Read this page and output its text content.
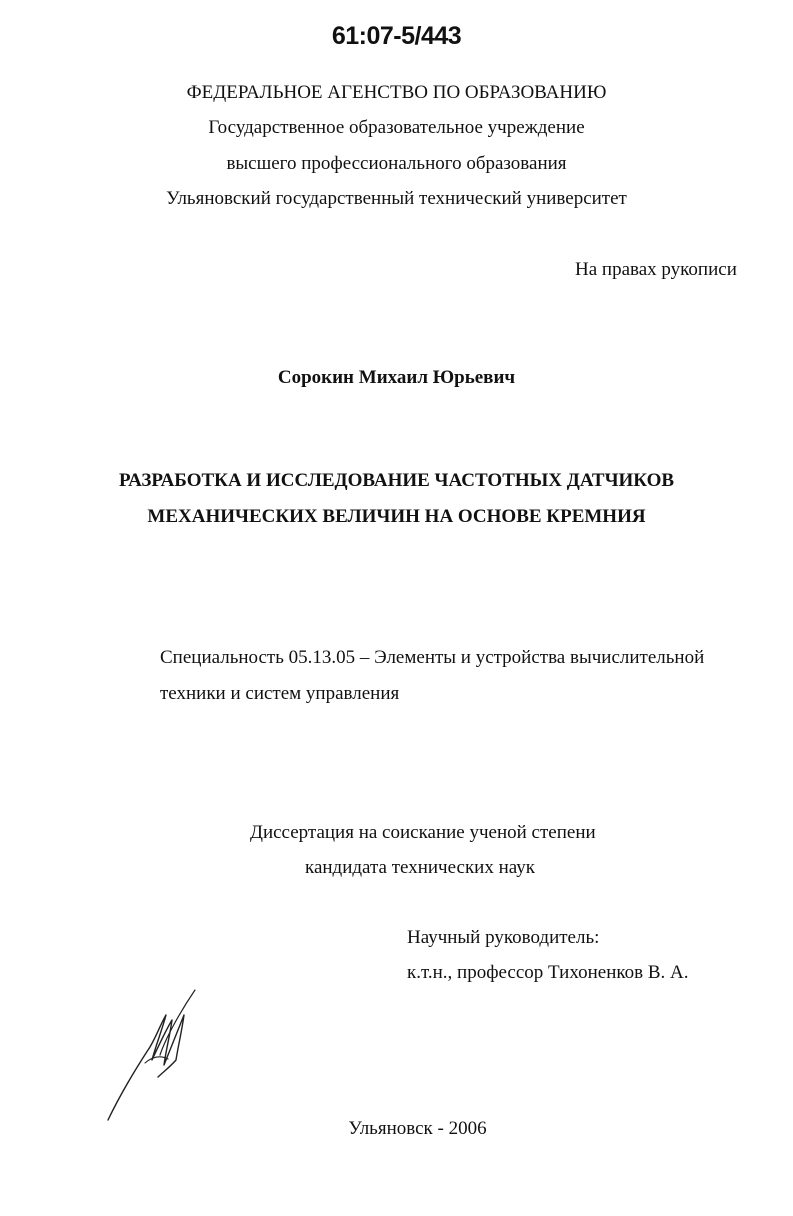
61:07-5/443
ФЕДЕРАЛЬНОЕ АГЕНСТВО ПО ОБРАЗОВАНИЮ
Государственное образовательное учреждение
высшего профессионального образования
Ульяновский государственный технический университет
На правах рукописи
Сорокин Михаил Юрьевич
РАЗРАБОТКА И ИССЛЕДОВАНИЕ ЧАСТОТНЫХ ДАТЧИКОВ
МЕХАНИЧЕСКИХ ВЕЛИЧИН НА ОСНОВЕ КРЕМНИЯ
Специальность 05.13.05 – Элементы и устройства вычислительной
техники и систем управления
Диссертация на соискание ученой степени
кандидата технических наук
Научный руководитель:
к.т.н., профессор Тихоненков В. А.
Ульяновск - 2006
